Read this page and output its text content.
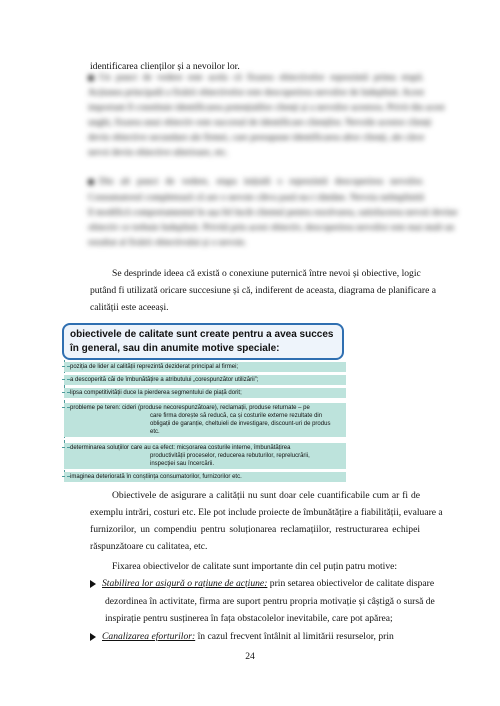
identificarea clienților și a nevoilor lor.
Un punct de vedere este acela că fixarea obiectivelor reprezintă prima etapă.
Acțiunea principală a fixării obiectivelor este descoperirea nevoilor de îndeplinit. Acest
important îl constituie identificarea potențialilor clienți și a nevoilor acestora. Privit din acest
unghi, fixarea unui obiectiv este succesul de identificare clienților. Nevoile acestor clienți
devin obiective secundare ale firmei, care presupune identificarea altor clienți, ale căror
nevoi devin obiective ulterioare, etc.
Din alt punct de vedere, etapa inițială o reprezintă descoperirea nevoilor.
Consumatorul completează că are o nevoie câtva pasă nu-i rămâne. Nevoia neîmplinită
îl modifică comportamentul în așa fel încât clientul pentru rezolvarea, satisfacerea nevoii devine
obiectiv ce trebuie îndeplinit. Privită prin acest obiectiv, descoperirea nevoilor este mai mult un
rezultat al fixării obiectivului și o nevoie.
Se desprinde ideea că există o conexiune puternică între nevoi și obiective, logic
putând fi utilizată oricare succesiune și că, indiferent de aceasta, diagrama de planificare a
calității este aceeași.
obiectivele de calitate sunt create pentru a avea succes în general, sau din anumite motive speciale:
poziția de lider al calității reprezintă deziderat principal al firmei;
a descoperită căi de îmbunătățire a atributului „corespunzător utilizării”;
lipsa competitivității duce la pierderea segmentului de piață dorit;
probleme pe teren: cideri (produse necorespunzătoare), reclamații, produse returnate – pe
care firma dorește să reducă, ca și costurile externe rezultate din
obligații de garanție, cheltuieli de investigare, discount-uri de produs
etc.
determinarea soluțiilor care au ca efect: micșorarea costurile interne, îmbunătățirea
productivității proceselor, reducerea rebuturilor, reprelucrării,
inspecției sau încercării.
imaginea deteriorată în conștiința consumatorilor, furnizorilor etc.
Obiectivele de asigurare a calității nu sunt doar cele cuantificabile cum ar fi de
exemplu intrări, costuri etc. Ele pot include proiecte de îmbunătățire a fiabilității, evaluare a
furnizorilor, un compendiu pentru soluționarea reclamațiilor, restructurarea echipei
răspunzătoare cu calitatea, etc.
Fixarea obiectivelor de calitate sunt importante din cel puțin patru motive:
Stabilirea lor asigură o rațiune de acțiune: prin setarea obiectivelor de calitate dispare
dezordinea în activitate, firma are suport pentru propria motivație și câștigă o sursă de
inspirație pentru susținerea în fața obstacolelor inevitabile, care pot apărea;
Canalizarea eforturilor: în cazul frecvent întâlnit al limitării resurselor, prin
24
